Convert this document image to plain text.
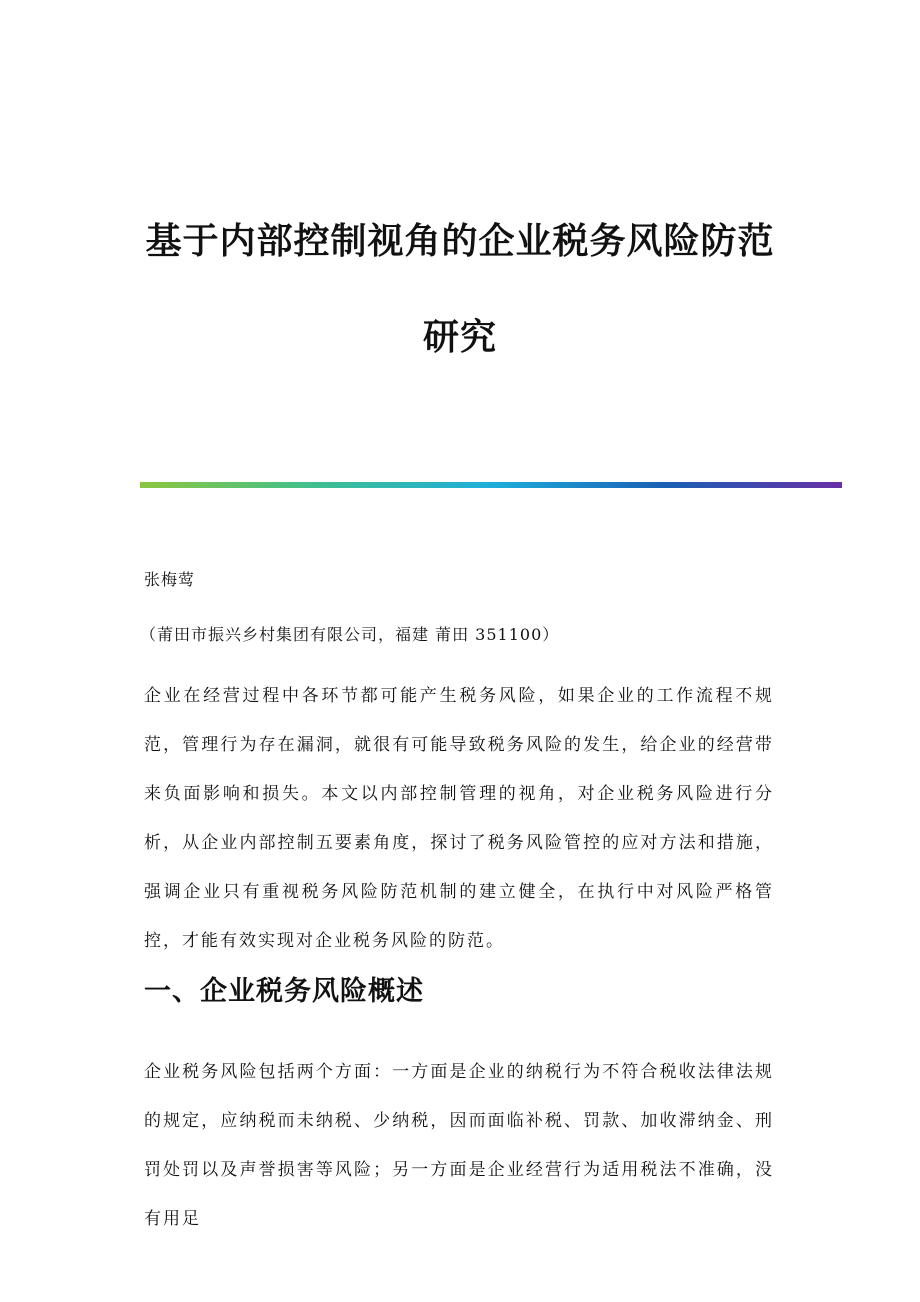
基于内部控制视角的企业税务风险防范
研究
张梅莺
（莆田市振兴乡村集团有限公司，福建 莆田 351100）
企业在经营过程中各环节都可能产生税务风险，如果企业的工作流程不规范，管理行为存在漏洞，就很有可能导致税务风险的发生，给企业的经营带来负面影响和损失。本文以内部控制管理的视角，对企业税务风险进行分析，从企业内部控制五要素角度，探讨了税务风险管控的应对方法和措施，强调企业只有重视税务风险防范机制的建立健全，在执行中对风险严格管控，才能有效实现对企业税务风险的防范。
一、企业税务风险概述
企业税务风险包括两个方面：一方面是企业的纳税行为不符合税收法律法规的规定，应纳税而未纳税、少纳税，因而面临补税、罚款、加收滞纳金、刑罚处罚以及声誉损害等风险；另一方面是企业经营行为适用税法不准确，没有用足
